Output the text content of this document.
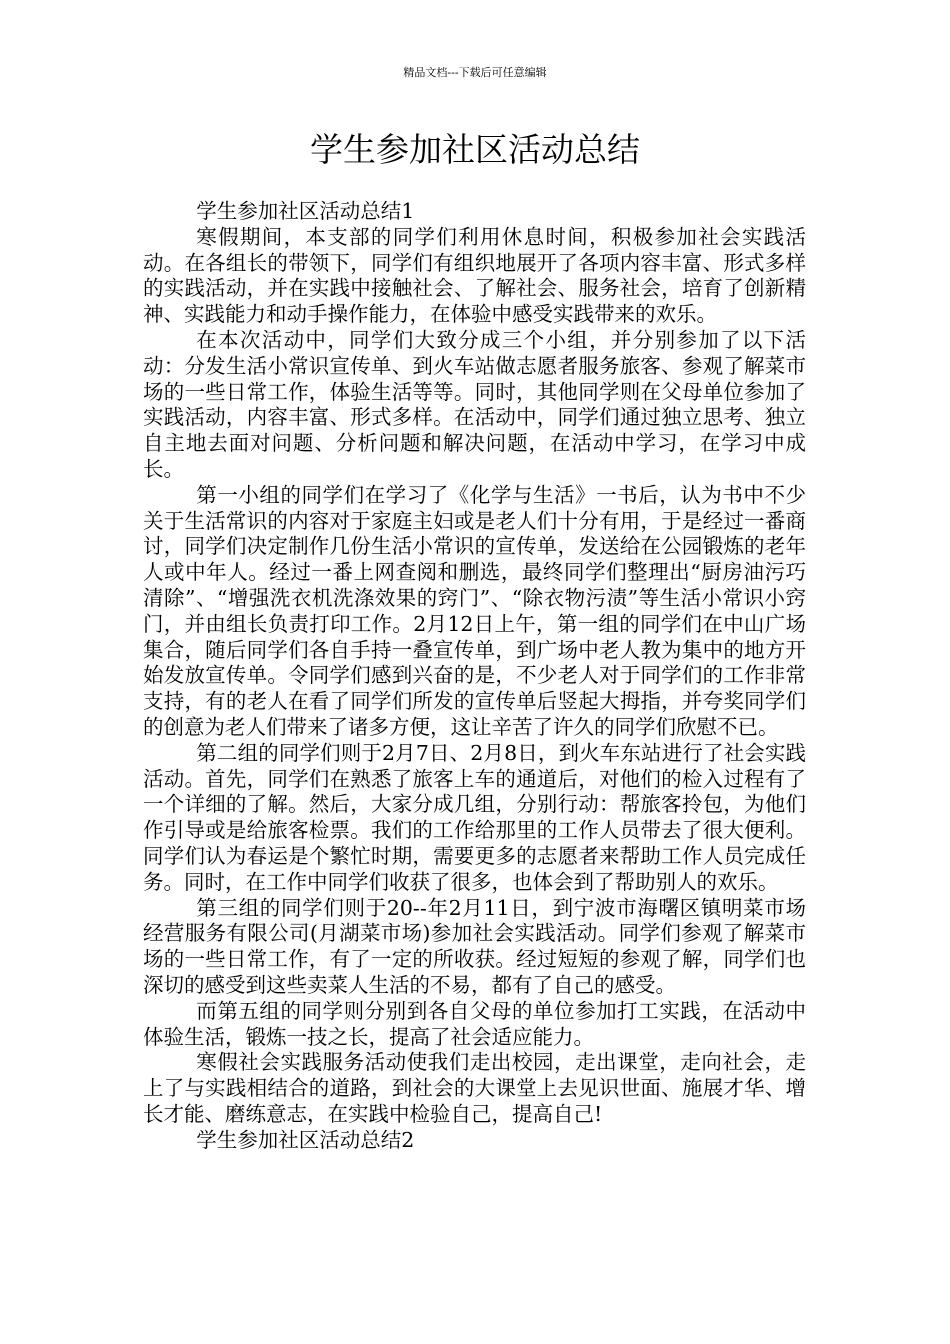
精品文档---下载后可任意编辑
学生参加社区活动总结

学生参加社区活动总结1

寒假期间，本支部的同学们利用休息时间，积极参加社会实践活动。在各组长的带领下，同学们有组织地展开了各项内容丰富、形式多样的实践活动，并在实践中接触社会、了解社会、服务社会，培育了创新精神、实践能力和动手操作能力，在体验中感受实践带来的欢乐。

在本次活动中，同学们大致分成三个小组，并分别参加了以下活动：分发生活小常识宣传单、到火车站做志愿者服务旅客、参观了解菜市场的一些日常工作，体验生活等等。同时，其他同学则在父母单位参加了实践活动，内容丰富、形式多样。在活动中，同学们通过独立思考、独立自主地去面对问题、分析问题和解决问题，在活动中学习，在学习中成长。

第一小组的同学们在学习了《化学与生活》一书后，认为书中不少关于生活常识的内容对于家庭主妇或是老人们十分有用，于是经过一番商讨，同学们决定制作几份生活小常识的宣传单，发送给在公园锻炼的老年人或中年人。经过一番上网查阅和删选，最终同学们整理出“厨房油污巧清除”、“增强洗衣机洗涤效果的窍门”、“除衣物污渍”等生活小常识小窍门，并由组长负责打印工作。2月12日上午，第一组的同学们在中山广场集合，随后同学们各自手持一叠宣传单，到广场中老人教为集中的地方开始发放宣传单。令同学们感到兴奋的是，不少老人对于同学们的工作非常支持，有的老人在看了同学们所发的宣传单后竖起大拇指，并夸奖同学们的创意为老人们带来了诸多方便，这让辛苦了许久的同学们欣慰不已。

第二组的同学们则于2月7日、2月8日，到火车东站进行了社会实践活动。首先，同学们在熟悉了旅客上车的通道后，对他们的检入过程有了一个详细的了解。然后，大家分成几组，分别行动：帮旅客拎包，为他们作引导或是给旅客检票。我们的工作给那里的工作人员带去了很大便利。同学们认为春运是个繁忙时期，需要更多的志愿者来帮助工作人员完成任务。同时，在工作中同学们收获了很多，也体会到了帮助别人的欢乐。

第三组的同学们则于20--年2月11日，到宁波市海曙区镇明菜市场经营服务有限公司(月湖菜市场)参加社会实践活动。同学们参观了解菜市场的一些日常工作，有了一定的所收获。经过短短的参观了解，同学们也深切的感受到这些卖菜人生活的不易，都有了自己的感受。

而第五组的同学则分别到各自父母的单位参加打工实践，在活动中体验生活，锻炼一技之长，提高了社会适应能力。

寒假社会实践服务活动使我们走出校园，走出课堂，走向社会，走上了与实践相结合的道路，到社会的大课堂上去见识世面、施展才华、增长才能、磨练意志，在实践中检验自己，提高自己!

学生参加社区活动总结2
